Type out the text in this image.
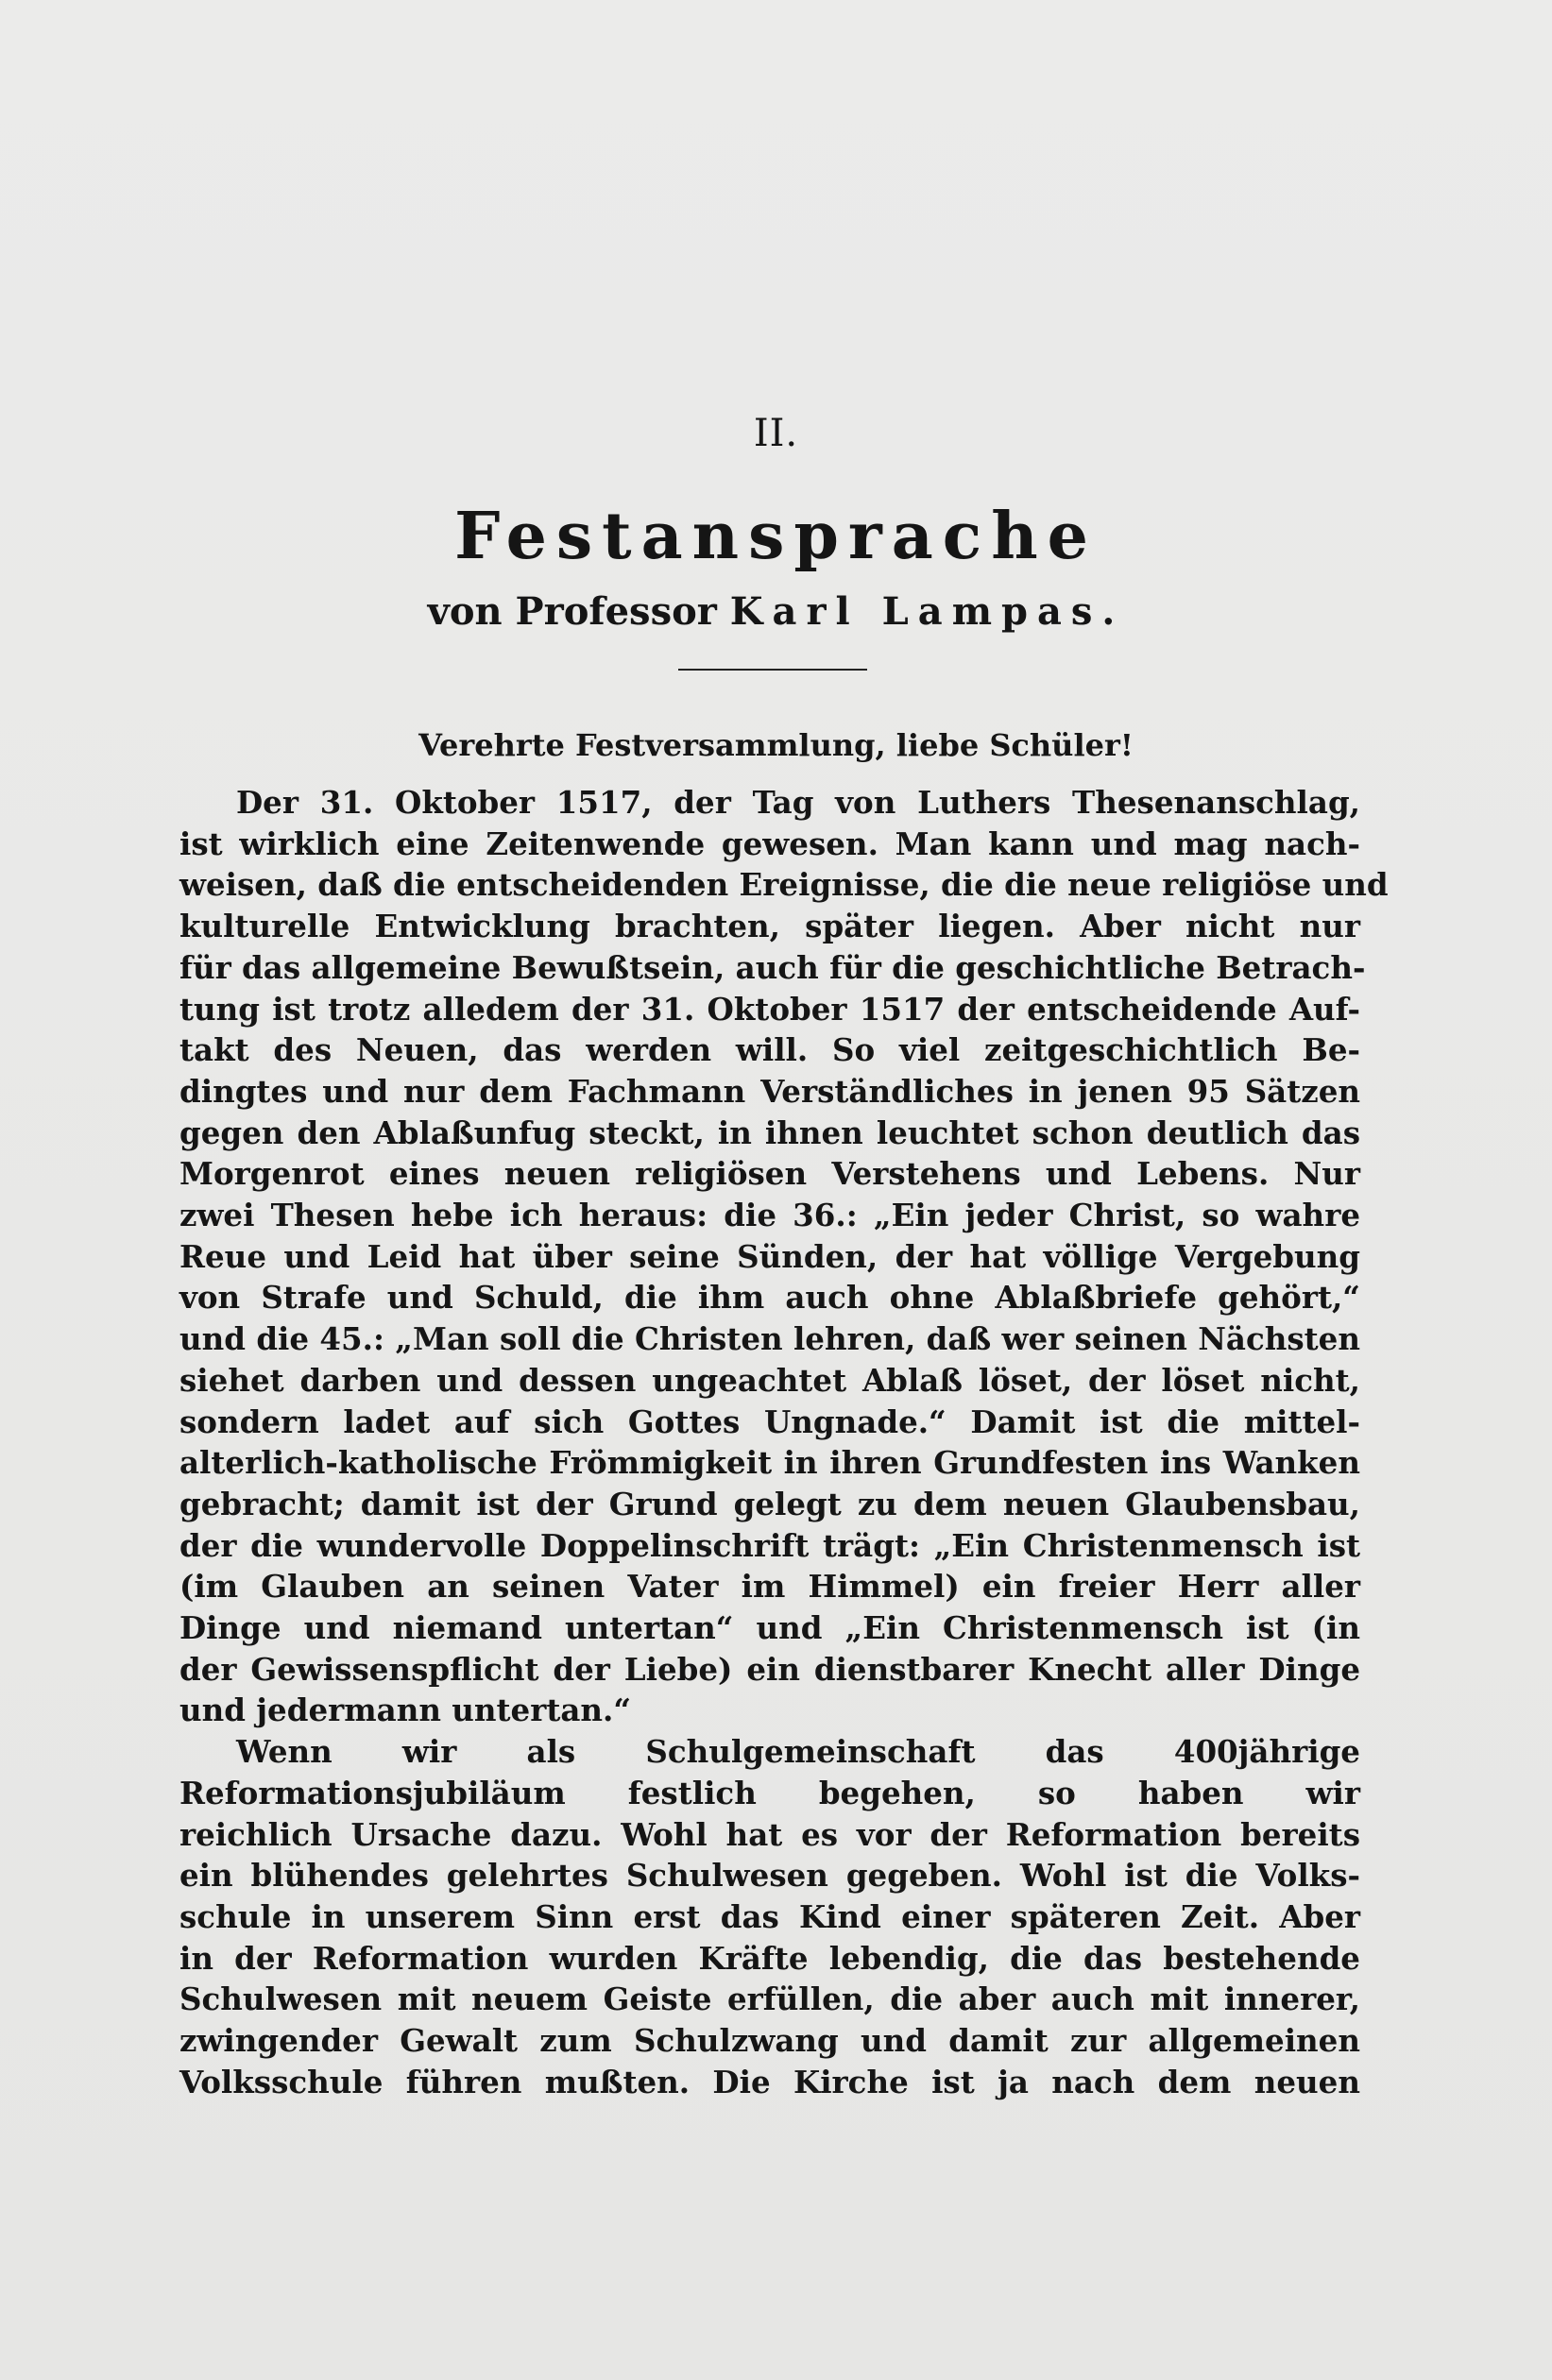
II.
Festansprache
von Professor Karl Lampas.
Verehrte Festversammlung, liebe Schüler!
Der 31. Oktober 1517, der Tag von Luthers Thesenanschlag,
ist wirklich eine Zeitenwende gewesen. Man kann und mag nach-
weisen, daß die entscheidenden Ereignisse, die die neue religiöse und
kulturelle Entwicklung brachten, später liegen. Aber nicht nur
für das allgemeine Bewußtsein, auch für die geschichtliche Betrach-
tung ist trotz alledem der 31. Oktober 1517 der entscheidende Auf-
takt des Neuen, das werden will. So viel zeitgeschichtlich Be-
dingtes und nur dem Fachmann Verständliches in jenen 95 Sätzen
gegen den Ablaßunfug steckt, in ihnen leuchtet schon deutlich das
Morgenrot eines neuen religiösen Verstehens und Lebens. Nur
zwei Thesen hebe ich heraus: die 36.: „Ein jeder Christ, so wahre
Reue und Leid hat über seine Sünden, der hat völlige Vergebung
von Strafe und Schuld, die ihm auch ohne Ablaßbriefe gehört,“
und die 45.: „Man soll die Christen lehren, daß wer seinen Nächsten
siehet darben und dessen ungeachtet Ablaß löset, der löset nicht,
sondern ladet auf sich Gottes Ungnade.“ Damit ist die mittel-
alterlich-katholische Frömmigkeit in ihren Grundfesten ins Wanken
gebracht; damit ist der Grund gelegt zu dem neuen Glaubensbau,
der die wundervolle Doppelinschrift trägt: „Ein Christenmensch ist
(im Glauben an seinen Vater im Himmel) ein freier Herr aller
Dinge und niemand untertan“ und „Ein Christenmensch ist (in
der Gewissenspflicht der Liebe) ein dienstbarer Knecht aller Dinge
und jedermann untertan.“
Wenn wir als Schulgemeinschaft das 400jährige
Reformationsjubiläum festlich begehen, so haben wir
reichlich Ursache dazu. Wohl hat es vor der Reformation bereits
ein blühendes gelehrtes Schulwesen gegeben. Wohl ist die Volks-
schule in unserem Sinn erst das Kind einer späteren Zeit. Aber
in der Reformation wurden Kräfte lebendig, die das bestehende
Schulwesen mit neuem Geiste erfüllen, die aber auch mit innerer,
zwingender Gewalt zum Schulzwang und damit zur allgemeinen
Volksschule führen mußten. Die Kirche ist ja nach dem neuen
